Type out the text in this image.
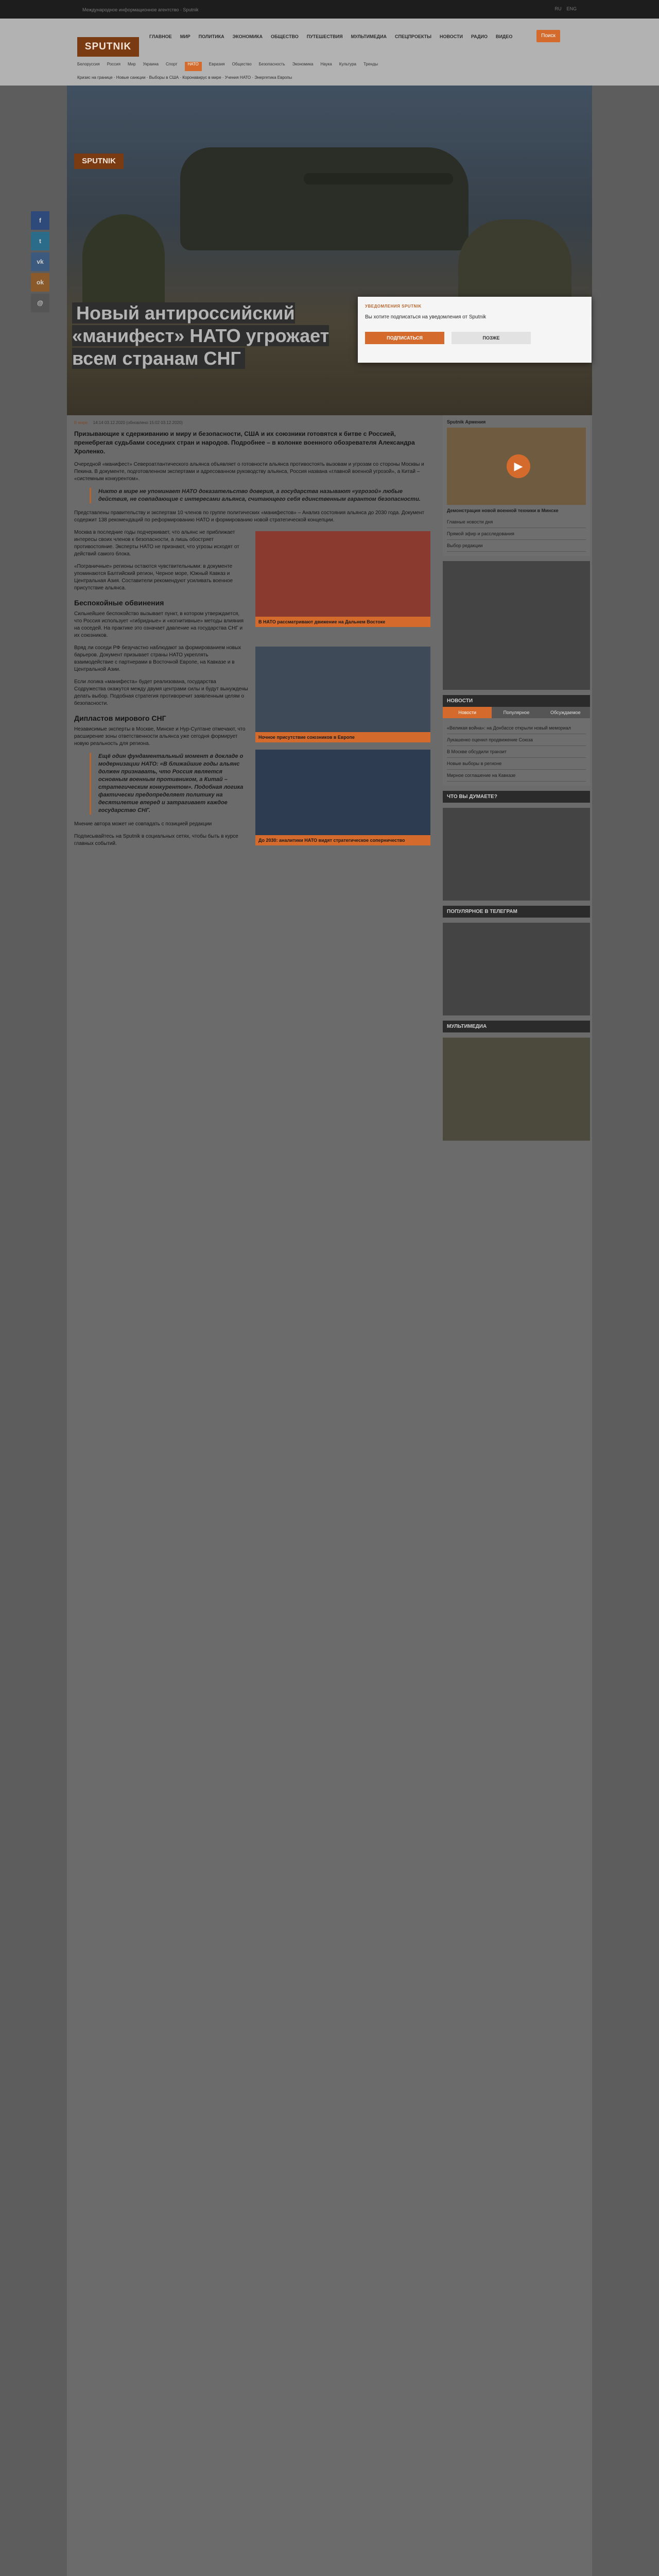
Международное информационное агентство · Sputnik	RU ENG
SPUTNIK
ГЛАВНОЕ МИР ПОЛИТИКА ЭКОНОМИКА ОБЩЕСТВО ПУТЕШЕСТВИЯ МУЛЬТИМЕДИА СПЕЦПРОЕКТЫ НОВОСТИ РАДИО ВИДЕО	Поиск
Белоруссия Россия Мир Украина Спорт	НАТО	Евразия Общество Безопасность Экономика Наука Культура Тренды
Кризис на границе · Новые санкции · Выборы в США · Коронавирус в мире · Учения НАТО · Энергетика Европы
f
t
vk
ok
@
SPUTNIK
Новый антироссийский «манифест» НАТО угрожает всем странам СНГ
УВЕДОМЛЕНИЯ SPUTNIK
Вы хотите подписаться на уведомления от Sputnik
ПОДПИСАТЬСЯ	ПОЗЖЕ
В мире 14:14 03.12.2020 (обновлено 15:02 03.12.2020)

Призывающие к сдерживанию и миру и безопасности, США и их союзники готовятся к битве с Россией, пренебрегая судьбами соседних стран и народов. Подробнее – в колонке военного обозревателя Александра Хроленко.

Очередной «манифест» Североатлантического альянса объявляет о готовности альянса противостоять вызовам и угрозам со стороны Москвы и Пекина. В документе, подготовленном экспертами и адресованном руководству альянса, Россия названа «главной военной угрозой», а Китай – «системным конкурентом».

Никто в мире не упоминает НАТО доказательство доверия, а государства называют «угрозой» любые действия, не совпадающие с интересами альянса, считающего себя единственным гарантом безопасности.

Представлены правительству и экспертам 10 членов по группе политических «манифестов» – Анализ состояния альянса до 2030 года. Документ содержит 138 рекомендаций по реформированию НАТО и формированию новой стратегической концепции.

В НАТО рассматривают движение на Дальнем Востоке

Москва в последние годы подчеркивает, что альянс не приближает интересы своих членов к безопасности, а лишь обостряет противостояние. Эксперты НАТО не признают, что угрозы исходят от действий самого блока.

«Пограничные» регионы остаются чувствительными: в документе упоминаются Балтийский регион, Черное море, Южный Кавказ и Центральная Азия. Составители рекомендуют усиливать военное присутствие альянса.

Беспокойные обвинения

Сильнейшее беспокойство вызывает пункт, в котором утверждается, что Россия использует «гибридные» и «когнитивные» методы влияния на соседей. На практике это означает давление на государства СНГ и их союзников.

Ночное присутствие союзников в Европе

Вряд ли соседи РФ безучастно наблюдают за формированием новых барьеров. Документ призывает страны НАТО укреплять взаимодействие с партнерами в Восточной Европе, на Кавказе и в Центральной Азии.

Если логика «манифеста» будет реализована, государства Содружества окажутся между двумя центрами силы и будут вынуждены делать выбор. Подобная стратегия противоречит заявленным целям о безопасности.

Дипластов мирового СНГ
До 2030: аналитики НАТО видят стратегическое соперничество

Независимые эксперты в Москве, Минске и Нур-Султане отмечают, что расширение зоны ответственности альянса уже сегодня формирует новую реальность для региона.

Ещё один фундаментальный момент в докладе о модернизации НАТО: «В ближайшие годы альянс должен признавать, что Россия является основным военным противником, а Китай – стратегическим конкурентом». Подобная логика фактически предопределяет политику на десятилетие вперед и затрагивает каждое государство СНГ.

Мнение автора может не совпадать с позицией редакции

Подписывайтесь на Sputnik в социальных сетях, чтобы быть в курсе главных событий.

Sputnik Армения
▶
Демонстрация новой военной техники в Минске
Главные новости дня
Прямой эфир и расследования
Выбор редакции
НОВОСТИ
Новости	Популярное	Обсуждаемое
«Великая война»: на Донбассе открыли новый мемориал
Лукашенко оценил продвижение Союза
В Москве обсудили транзит
Новые выборы в регионе
Мирное соглашение на Кавказе
ЧТО ВЫ ДУМАЕТЕ?
ПОПУЛЯРНОЕ В ТЕЛЕГРАМ
МУЛЬТИМЕДИА
